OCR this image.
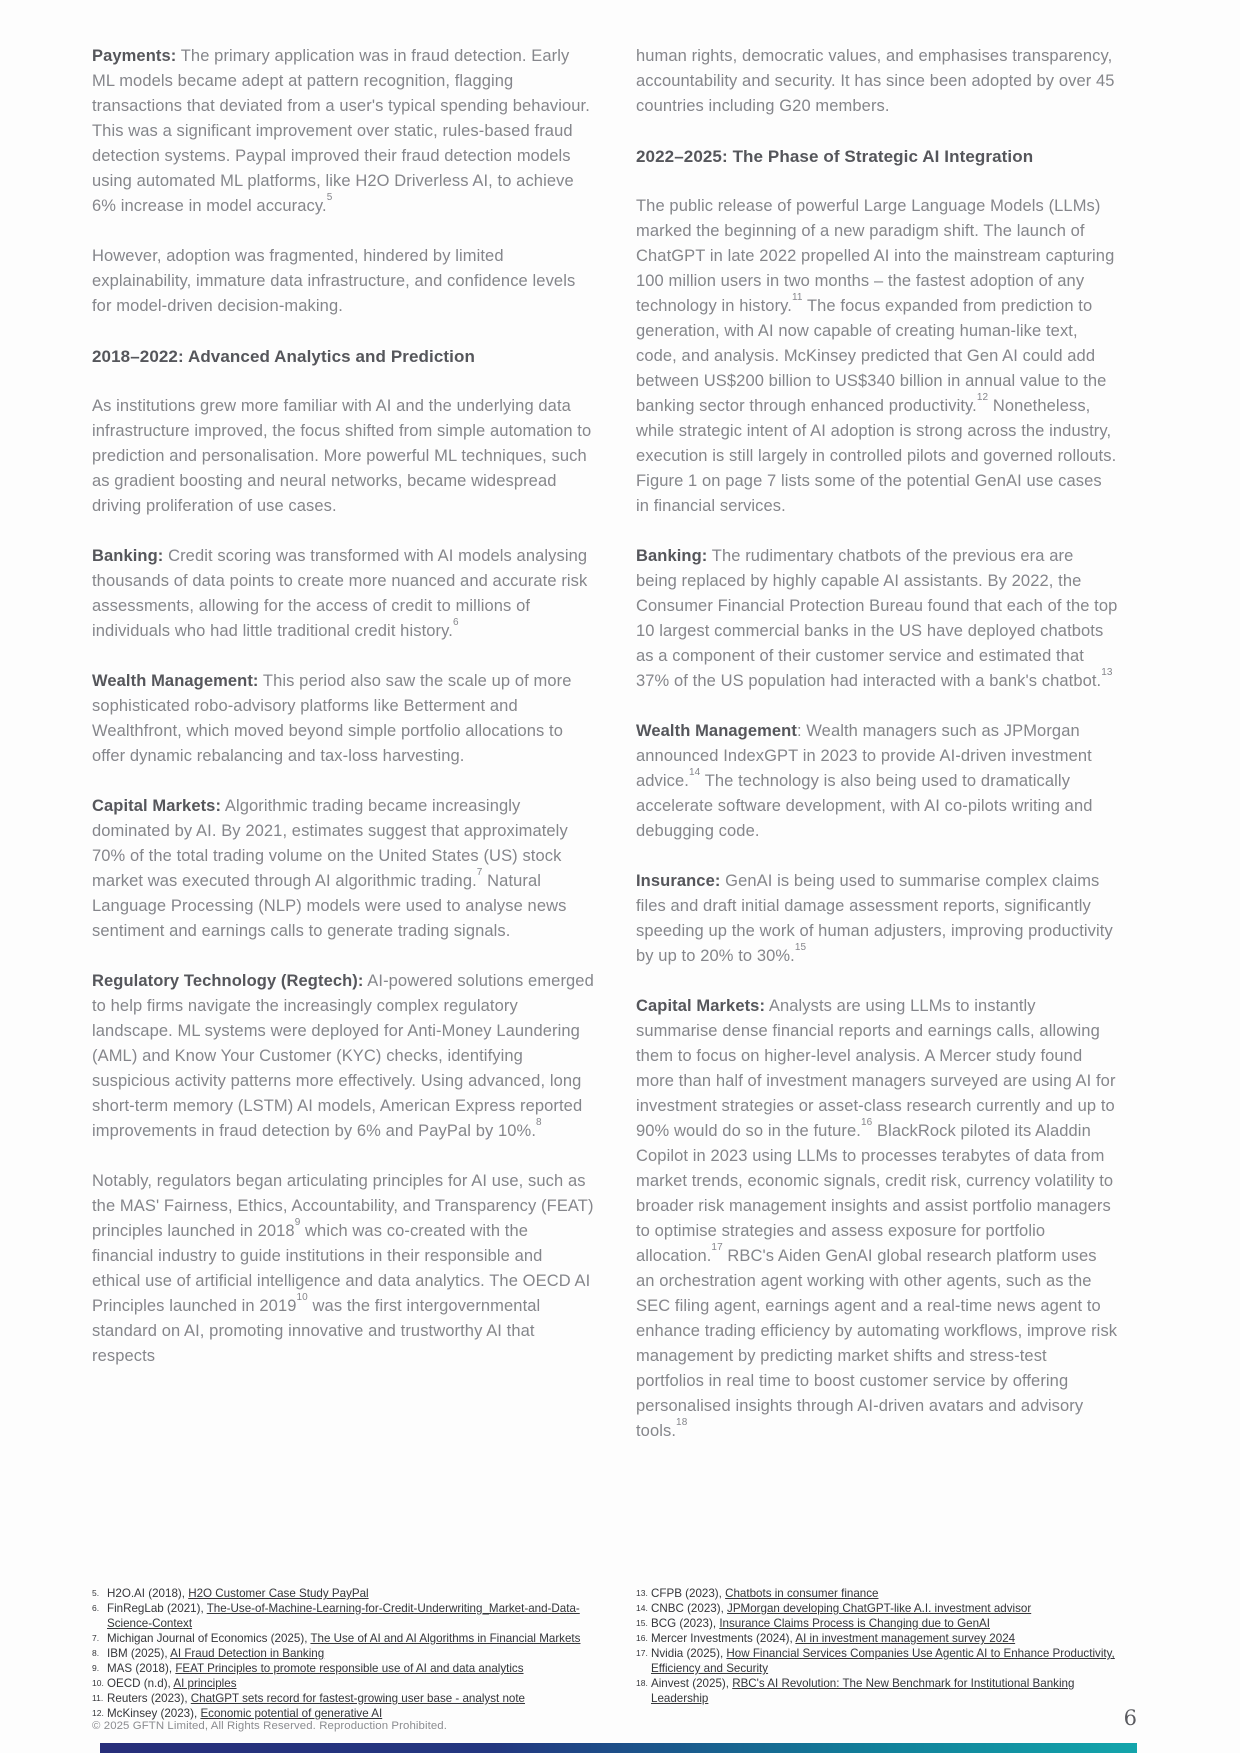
Payments: The primary application was in fraud detection. Early ML models became adept at pattern recognition, flagging transactions that deviated from a user's typical spending behaviour. This was a significant improvement over static, rules-based fraud detection systems. Paypal improved their fraud detection models using automated ML platforms, like H2O Driverless AI, to achieve 6% increase in model accuracy.$^5$

However, adoption was fragmented, hindered by limited explainability, immature data infrastructure, and confidence levels for model-driven decision-making.

2018–2022: Advanced Analytics and Prediction

As institutions grew more familiar with AI and the underlying data infrastructure improved, the focus shifted from simple automation to prediction and personalisation. More powerful ML techniques, such as gradient boosting and neural networks, became widespread driving proliferation of use cases.

Banking: Credit scoring was transformed with AI models analysing thousands of data points to create more nuanced and accurate risk assessments, allowing for the access of credit to millions of individuals who had little traditional credit history.$^6$

Wealth Management: This period also saw the scale up of more sophisticated robo-advisory platforms like Betterment and Wealthfront, which moved beyond simple portfolio allocations to offer dynamic rebalancing and tax-loss harvesting.

Capital Markets: Algorithmic trading became increasingly dominated by AI. By 2021, estimates suggest that approximately 70% of the total trading volume on the United States (US) stock market was executed through AI algorithmic trading.$^7$ Natural Language Processing (NLP) models were used to analyse news sentiment and earnings calls to generate trading signals.

Regulatory Technology (Regtech): AI-powered solutions emerged to help firms navigate the increasingly complex regulatory landscape. ML systems were deployed for Anti-Money Laundering (AML) and Know Your Customer (KYC) checks, identifying suspicious activity patterns more effectively. Using advanced, long short-term memory (LSTM) AI models, American Express reported improvements in fraud detection by 6% and PayPal by 10%.$^8$

Notably, regulators began articulating principles for AI use, such as the MAS' Fairness, Ethics, Accountability, and Transparency (FEAT) principles launched in 2018$^9$ which was co-created with the financial industry to guide institutions in their responsible and ethical use of artificial intelligence and data analytics. The OECD AI Principles launched in 2019$^{10}$ was the first intergovernmental standard on AI, promoting innovative and trustworthy AI that respects

human rights, democratic values, and emphasises transparency, accountability and security. It has since been adopted by over 45 countries including G20 members.

2022–2025: The Phase of Strategic AI Integration

The public release of powerful Large Language Models (LLMs) marked the beginning of a new paradigm shift. The launch of ChatGPT in late 2022 propelled AI into the mainstream capturing 100 million users in two months – the fastest adoption of any technology in history.$^{11}$ The focus expanded from prediction to generation, with AI now capable of creating human-like text, code, and analysis. McKinsey predicted that Gen AI could add between US$200 billion to US$340 billion in annual value to the banking sector through enhanced productivity.$^{12}$ Nonetheless, while strategic intent of AI adoption is strong across the industry, execution is still largely in controlled pilots and governed rollouts. Figure 1 on page 7 lists some of the potential GenAI use cases in financial services.

Banking: The rudimentary chatbots of the previous era are being replaced by highly capable AI assistants. By 2022, the Consumer Financial Protection Bureau found that each of the top 10 largest commercial banks in the US have deployed chatbots as a component of their customer service and estimated that 37% of the US population had interacted with a bank's chatbot.$^{13}$

Wealth Management: Wealth managers such as JPMorgan announced IndexGPT in 2023 to provide AI-driven investment advice.$^{14}$ The technology is also being used to dramatically accelerate software development, with AI co-pilots writing and debugging code.

Insurance: GenAI is being used to summarise complex claims files and draft initial damage assessment reports, significantly speeding up the work of human adjusters, improving productivity by up to 20% to 30%.$^{15}$

Capital Markets: Analysts are using LLMs to instantly summarise dense financial reports and earnings calls, allowing them to focus on higher-level analysis. A Mercer study found more than half of investment managers surveyed are using AI for investment strategies or asset-class research currently and up to 90% would do so in the future.$^{16}$ BlackRock piloted its Aladdin Copilot in 2023 using LLMs to processes terabytes of data from market trends, economic signals, credit risk, currency volatility to broader risk management insights and assist portfolio managers to optimise strategies and assess exposure for portfolio allocation.$^{17}$ RBC's Aiden GenAI global research platform uses an orchestration agent working with other agents, such as the SEC filing agent, earnings agent and a real-time news agent to enhance trading efficiency by automating workflows, improve risk management by predicting market shifts and stress-test portfolios in real time to boost customer service by offering personalised insights through AI-driven avatars and advisory tools.$^{18}$

5. H2O.AI (2018), H2O Customer Case Study PayPal
6. FinRegLab (2021), The-Use-of-Machine-Learning-for-Credit-Underwriting_Market-and-Data-Science-Context
7. Michigan Journal of Economics (2025), The Use of AI and AI Algorithms in Financial Markets
8. IBM (2025), AI Fraud Detection in Banking
9. MAS (2018), FEAT Principles to promote responsible use of AI and data analytics
10. OECD (n.d), AI principles
11. Reuters (2023), ChatGPT sets record for fastest-growing user base - analyst note
12. McKinsey (2023), Economic potential of generative AI
13. CFPB (2023), Chatbots in consumer finance
14. CNBC (2023), JPMorgan developing ChatGPT-like A.I. investment advisor
15. BCG (2023), Insurance Claims Process is Changing due to GenAI
16. Mercer Investments (2024), AI in investment management survey 2024
17. Nvidia (2025), How Financial Services Companies Use Agentic AI to Enhance Productivity, Efficiency and Security
18. Ainvest (2025), RBC's AI Revolution: The New Benchmark for Institutional Banking Leadership
© 2025 GFTN Limited, All Rights Reserved. Reproduction Prohibited.	6
